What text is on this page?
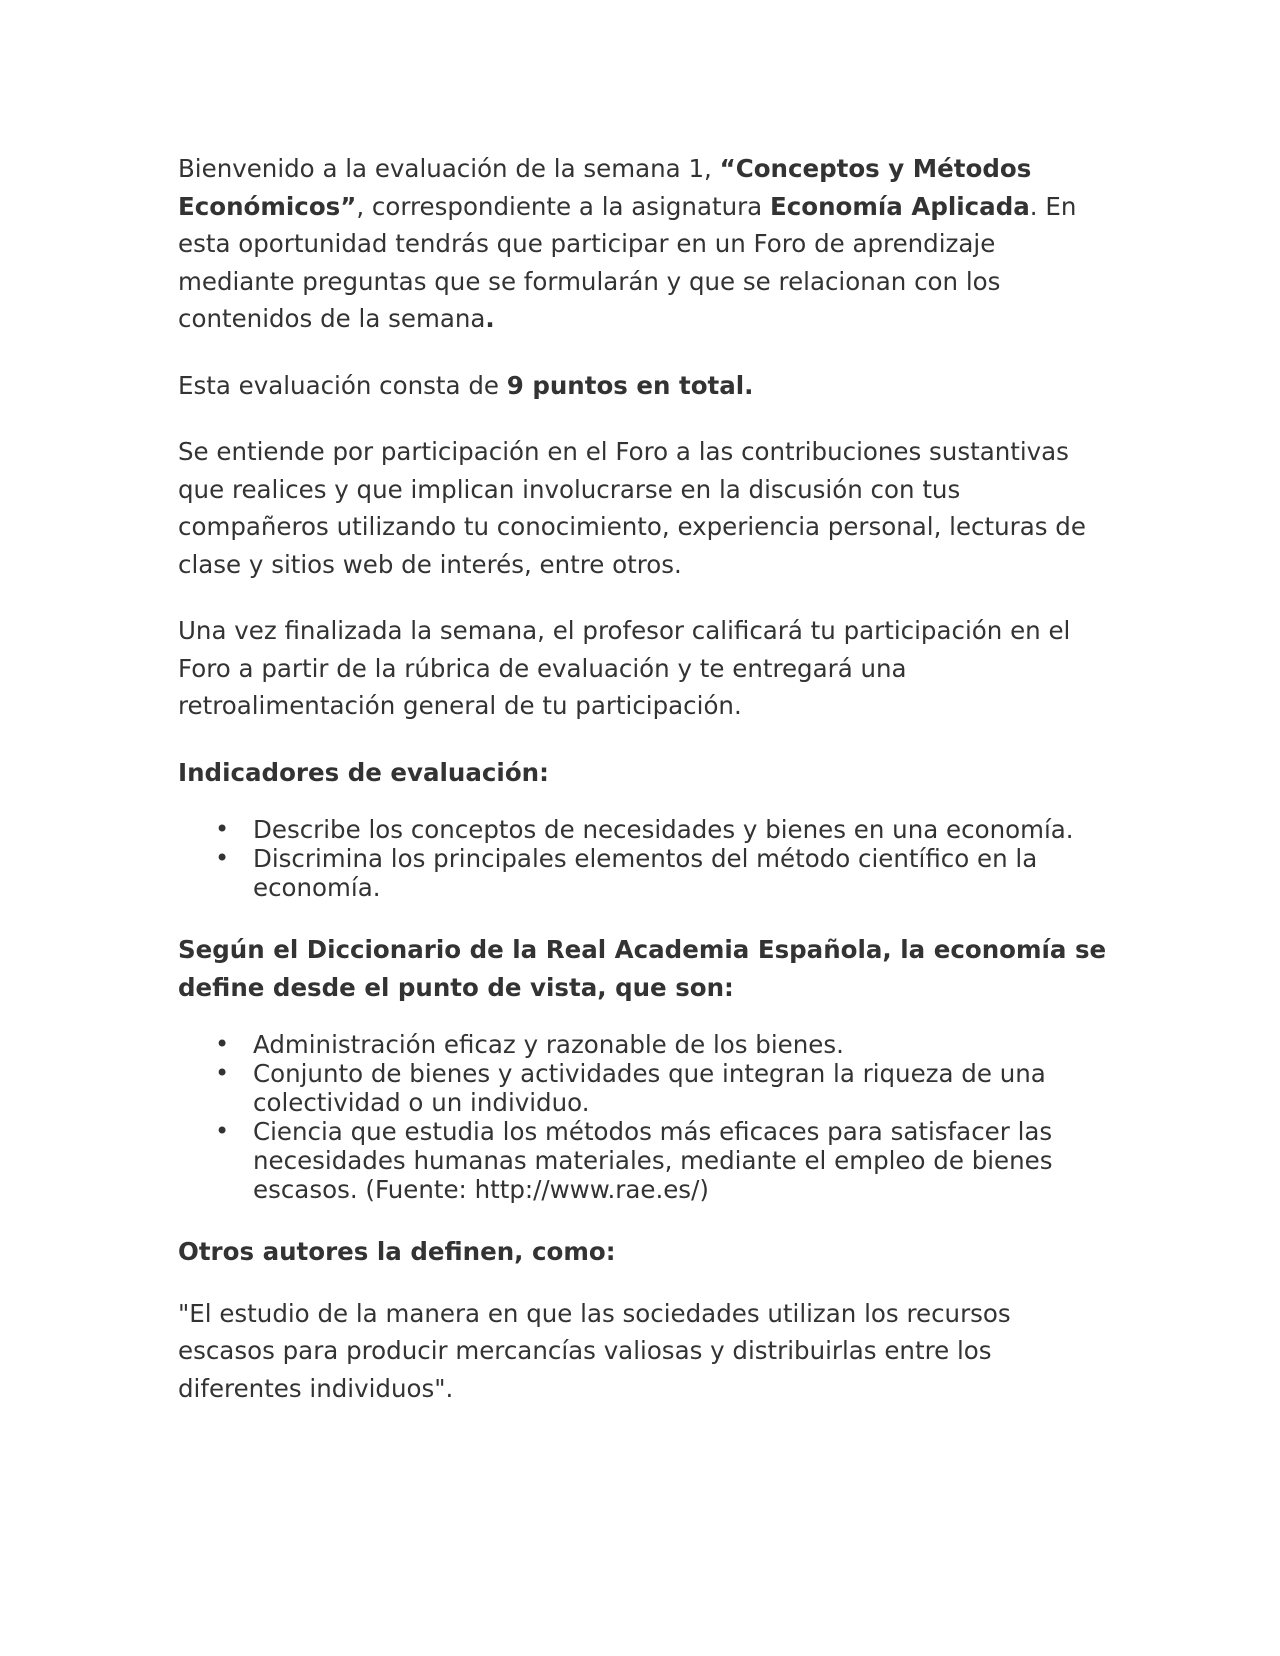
Bienvenido a la evaluación de la semana 1, “Conceptos y Métodos Económicos”, correspondiente a la asignatura Economía Aplicada. En esta oportunidad tendrás que participar en un Foro de aprendizaje mediante preguntas que se formularán y que se relacionan con los contenidos de la semana.

Esta evaluación consta de 9 puntos en total.

Se entiende por participación en el Foro a las contribuciones sustantivas que realices y que implican involucrarse en la discusión con tus compañeros utilizando tu conocimiento, experiencia personal, lecturas de clase y sitios web de interés, entre otros.

Una vez finalizada la semana, el profesor calificará tu participación en el Foro a partir de la rúbrica de evaluación y te entregará una retroalimentación general de tu participación.

Indicadores de evaluación:
• Describe los conceptos de necesidades y bienes en una economía.
• Discrimina los principales elementos del método científico en la economía.
Según el Diccionario de la Real Academia Española, la economía se define desde el punto de vista, que son:
• Administración eficaz y razonable de los bienes.
• Conjunto de bienes y actividades que integran la riqueza de una colectividad o un individuo.
• Ciencia que estudia los métodos más eficaces para satisfacer las necesidades humanas materiales, mediante el empleo de bienes escasos. (Fuente: http://www.rae.es/)
Otros autores la definen, como:

"El estudio de la manera en que las sociedades utilizan los recursos escasos para producir mercancías valiosas y distribuirlas entre los diferentes individuos".
